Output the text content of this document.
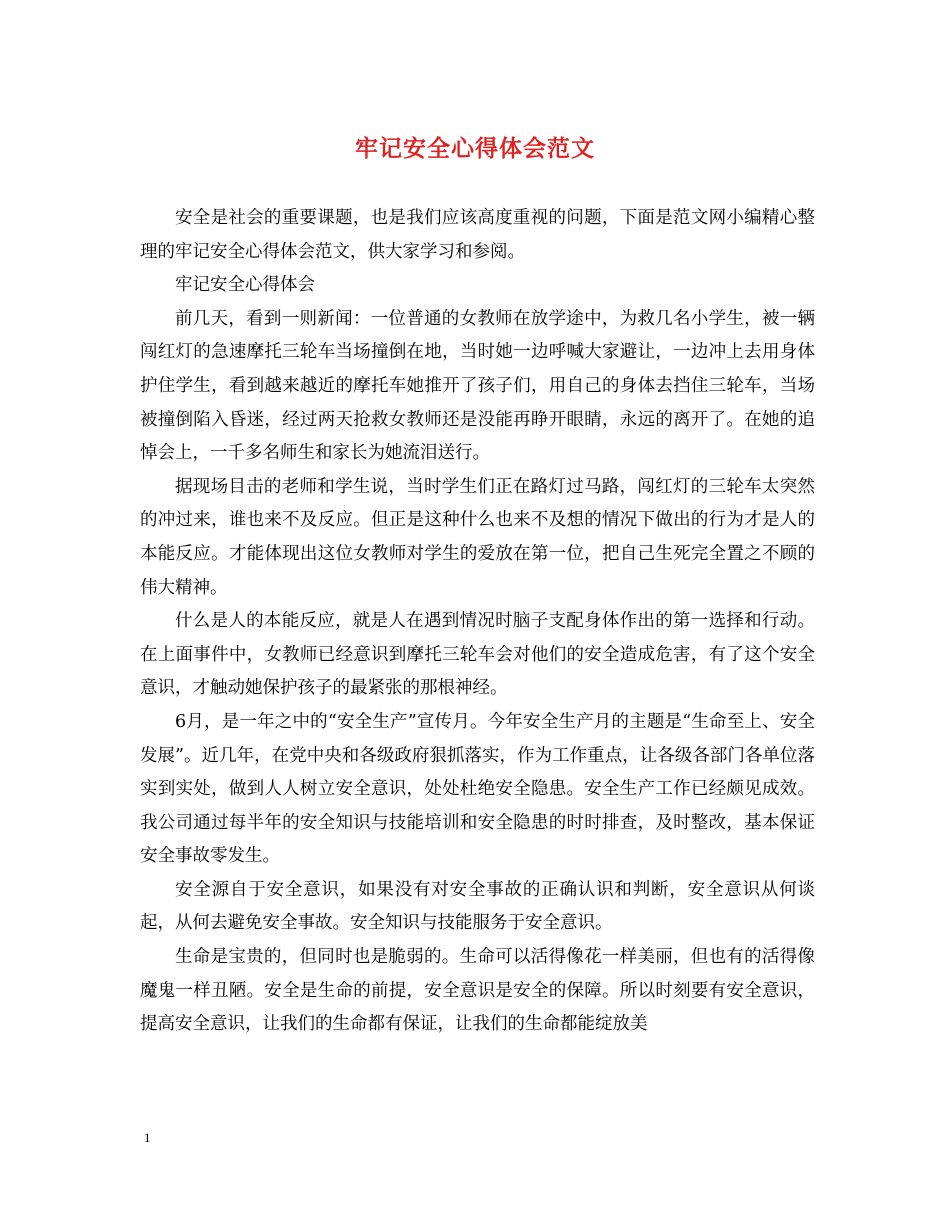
牢记安全心得体会范文

安全是社会的重要课题，也是我们应该高度重视的问题，下面是范文网小编精心整理的牢记安全心得体会范文，供大家学习和参阅。

牢记安全心得体会

前几天，看到一则新闻：一位普通的女教师在放学途中，为救几名小学生，被一辆闯红灯的急速摩托三轮车当场撞倒在地，当时她一边呼喊大家避让，一边冲上去用身体护住学生，看到越来越近的摩托车她推开了孩子们，用自己的身体去挡住三轮车，当场被撞倒陷入昏迷，经过两天抢救女教师还是没能再睁开眼睛，永远的离开了。在她的追悼会上，一千多名师生和家长为她流泪送行。

据现场目击的老师和学生说，当时学生们正在路灯过马路，闯红灯的三轮车太突然的冲过来，谁也来不及反应。但正是这种什么也来不及想的情况下做出的行为才是人的本能反应。才能体现出这位女教师对学生的爱放在第一位，把自己生死完全置之不顾的伟大精神。

什么是人的本能反应，就是人在遇到情况时脑子支配身体作出的第一选择和行动。在上面事件中，女教师已经意识到摩托三轮车会对他们的安全造成危害，有了这个安全意识，才触动她保护孩子的最紧张的那根神经。

6月，是一年之中的“安全生产”宣传月。今年安全生产月的主题是“生命至上、安全发展”。近几年，在党中央和各级政府狠抓落实，作为工作重点，让各级各部门各单位落实到实处，做到人人树立安全意识，处处杜绝安全隐患。安全生产工作已经颇见成效。我公司通过每半年的安全知识与技能培训和安全隐患的时时排查，及时整改，基本保证安全事故零发生。

安全源自于安全意识，如果没有对安全事故的正确认识和判断，安全意识从何谈起，从何去避免安全事故。安全知识与技能服务于安全意识。

生命是宝贵的，但同时也是脆弱的。生命可以活得像花一样美丽，但也有的活得像魔鬼一样丑陋。安全是生命的前提，安全意识是安全的保障。所以时刻要有安全意识，提高安全意识，让我们的生命都有保证，让我们的生命都能绽放美

1
